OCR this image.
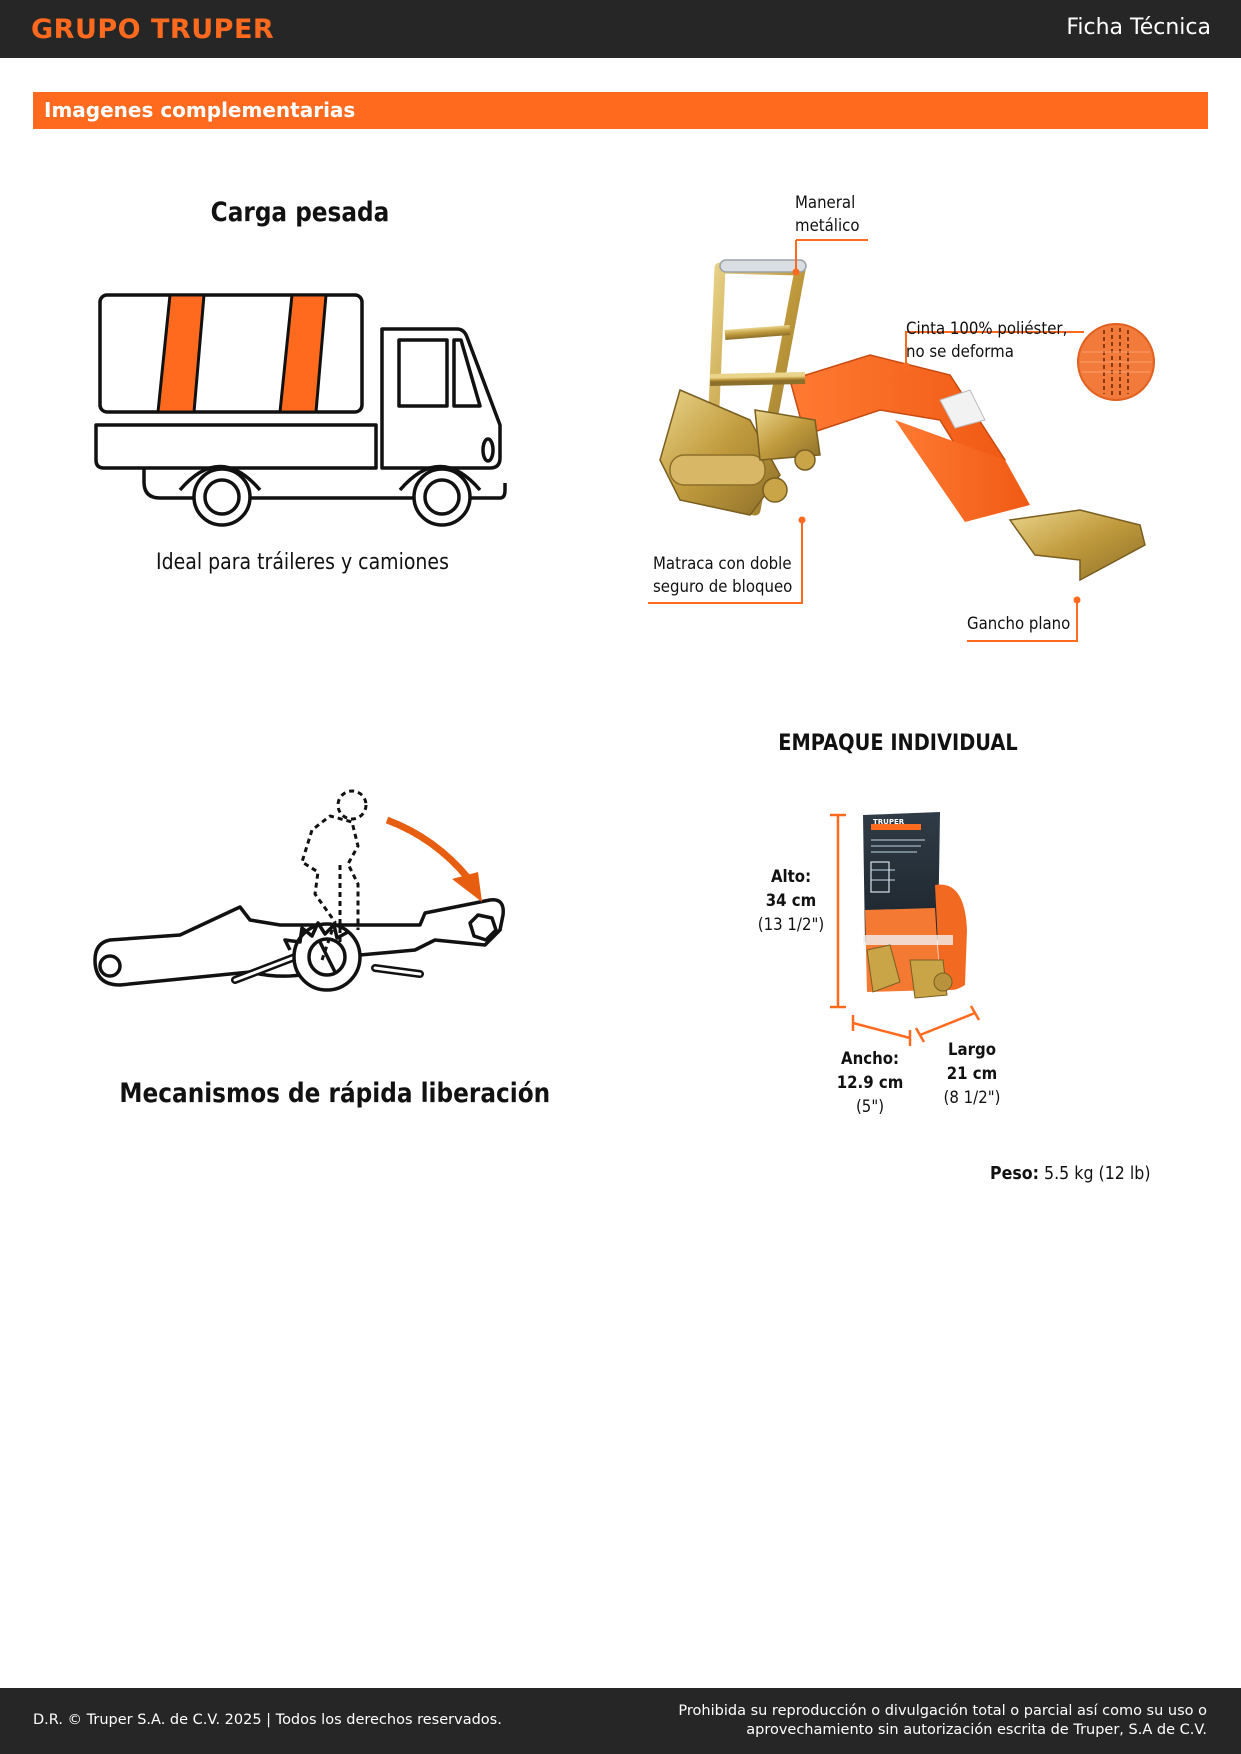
GRUPO TRUPER	Ficha Técnica
Imagenes complementarias
Carga pesada
Ideal para tráileres y camiones
Maneral
metálico
Cinta 100% poliéster,
no se deforma
Matraca con doble
seguro de bloqueo
Gancho plano
Mecanismos de rápida liberación
EMPAQUE INDIVIDUAL
TRUPER
Alto:
34 cm
(13 1/2")
Ancho:
12.9 cm
(5")
Largo
21 cm
(8 1/2")
Peso: 5.5 kg (12 lb)
D.R. © Truper S.A. de C.V. 2025 | Todos los derechos reservados.
Prohibida su reproducción o divulgación total o parcial así como su uso o
aprovechamiento sin autorización escrita de Truper, S.A de C.V.
